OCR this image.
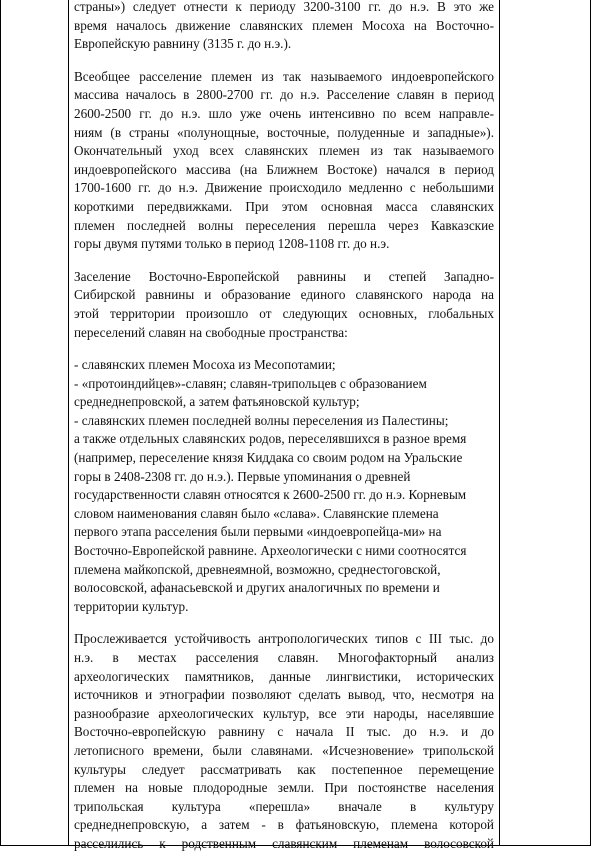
страны») следует отнести к периоду 3200-3100 гг. до н.э. В это же
время началось движение славянских племен Мосоха на Восточно-
Европейскую равнину (3135 г. до н.э.).

Всеобщее расселение племен из так называемого индоевропейского
массива началось в 2800-2700 гг. до н.э. Расселение славян в период
2600-2500 гг. до н.э. шло уже очень интенсивно по всем направле-
ниям (в страны «полунощные, восточные, полуденные и западные»).
Окончательный уход всех славянских племен из так называемого
индоевропейского массива (на Ближнем Востоке) начался в период
1700-1600 гг. до н.э. Движение происходило медленно с небольшими
короткими передвижками. При этом основная масса славянских
племен последней волны переселения перешла через Кавказские
горы двумя путями только в период 1208-1108 гг. до н.э.

Заселение Восточно-Европейской равнины и степей Западно-
Сибирской равнины и образование единого славянского народа на
этой территории произошло от следующих основных, глобальных
переселений славян на свободные пространства:

- славянских племен Мосоха из Месопотамии;
- «протоиндийцев»-славян; славян-трипольцев с образованием
среднеднепровской, а затем фатьяновской культур;
- славянских племен последней волны переселения из Палестины;
а также отдельных славянских родов, переселявшихся в разное время
(например, переселение князя Киддака со своим родом на Уральские
горы в 2408-2308 гг. до н.э.). Первые упоминания о древней
государственности славян относятся к 2600-2500 гг. до н.э. Корневым
словом наименования славян было «слава». Славянские племена
первого этапа расселения были первыми «индоевропейца-ми» на
Восточно-Европейской равнине. Археологически с ними соотносятся
племена майкопской, древнеямной, возможно, среднестоговской,
волосовской, афанасьевской и других аналогичных по времени и
территории культур.

Прослеживается устойчивость антропологических типов с III тыс. до
н.э. в местах расселения славян. Многофакторный анализ
археологических памятников, данные лингвистики, исторических
источников и этнографии позволяют сделать вывод, что, несмотря на
разнообразие археологических культур, все эти народы, населявшие
Восточно-европейскую равнину с начала II тыс. до н.э. и до
летописного времени, были славянами. «Исчезновение» трипольской
культуры следует рассматривать как постепенное перемещение
племен на новые плодородные земли. При постоянстве населения
трипольская культура «перешла» вначале в культуру
среднеднепровскую, а затем - в фатьяновскую, племена которой
расселились к родственным славянским племенам волосовской
